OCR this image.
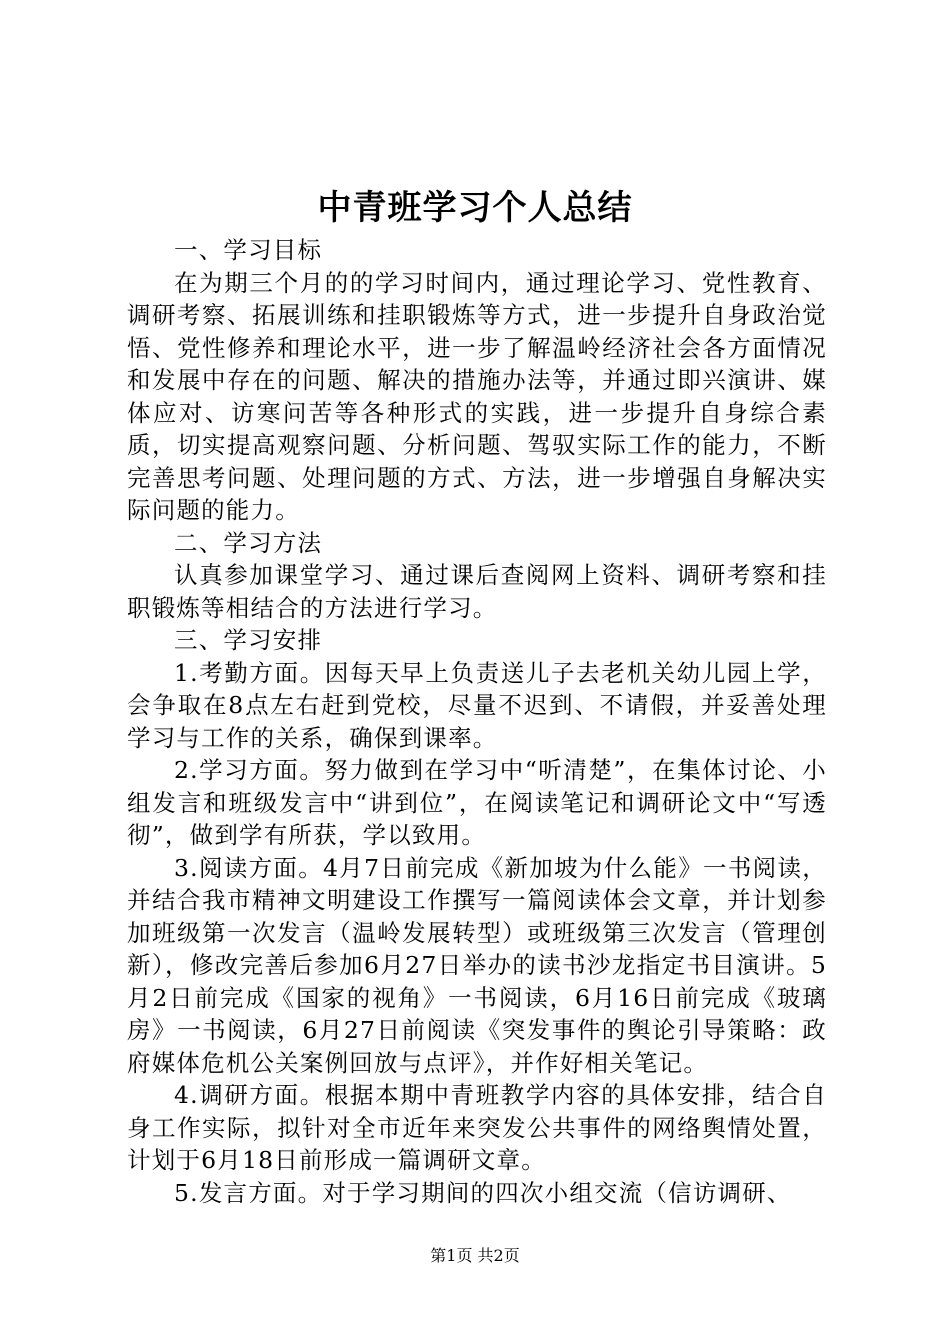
中青班学习个人总结

一、学习目标

在为期三个月的的学习时间内，通过理论学习、党性教育、调研考察、拓展训练和挂职锻炼等方式，进一步提升自身政治觉悟、党性修养和理论水平，进一步了解温岭经济社会各方面情况和发展中存在的问题、解决的措施办法等，并通过即兴演讲、媒体应对、访寒问苦等各种形式的实践，进一步提升自身综合素质，切实提高观察问题、分析问题、驾驭实际工作的能力，不断完善思考问题、处理问题的方式、方法，进一步增强自身解决实际问题的能力。

二、学习方法

认真参加课堂学习、通过课后查阅网上资料、调研考察和挂职锻炼等相结合的方法进行学习。

三、学习安排

1.考勤方面。因每天早上负责送儿子去老机关幼儿园上学，会争取在8点左右赶到党校，尽量不迟到、不请假，并妥善处理学习与工作的关系，确保到课率。

2.学习方面。努力做到在学习中“听清楚”，在集体讨论、小组发言和班级发言中“讲到位”，在阅读笔记和调研论文中“写透彻”，做到学有所获，学以致用。

3.阅读方面。4月7日前完成《新加坡为什么能》一书阅读，并结合我市精神文明建设工作撰写一篇阅读体会文章，并计划参加班级第一次发言（温岭发展转型）或班级第三次发言（管理创新），修改完善后参加6月27日举办的读书沙龙指定书目演讲。5月2日前完成《国家的视角》一书阅读，6月16日前完成《玻璃房》一书阅读，6月27日前阅读《突发事件的舆论引导策略：政府媒体危机公关案例回放与点评》，并作好相关笔记。

4.调研方面。根据本期中青班教学内容的具体安排，结合自身工作实际，拟针对全市近年来突发公共事件的网络舆情处置，计划于6月18日前形成一篇调研文章。

5.发言方面。对于学习期间的四次小组交流（信访调研、

第1页 共2页
